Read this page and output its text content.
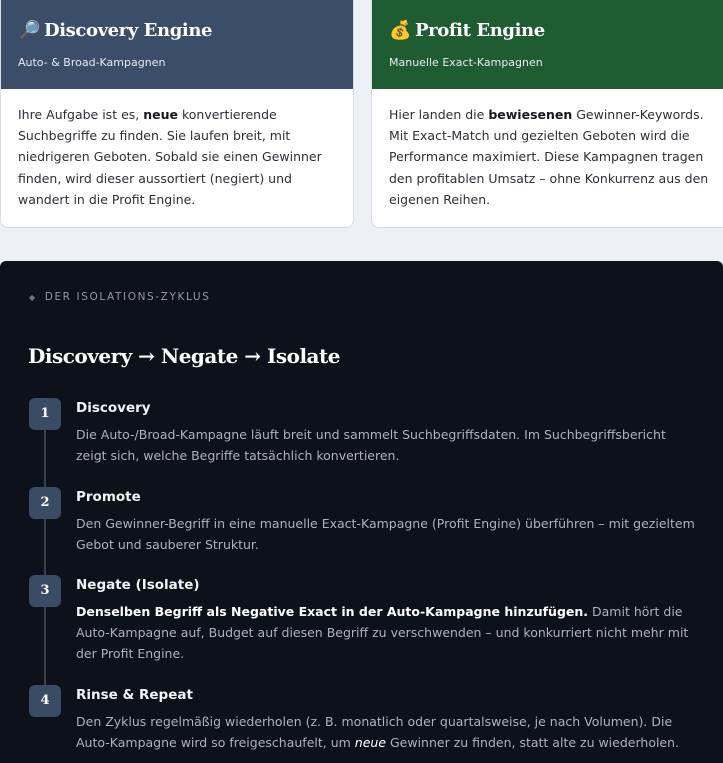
🔎 Discovery Engine
Auto- & Broad-Kampagnen
Ihre Aufgabe ist es, neue konvertierende Suchbegriffe zu finden. Sie laufen breit, mit niedrigeren Geboten. Sobald sie einen Gewinner finden, wird dieser aussortiert (negiert) und wandert in die Profit Engine.
💰 Profit Engine
Manuelle Exact-Kampagnen
Hier landen die bewiesenen Gewinner-Keywords. Mit Exact-Match und gezielten Geboten wird die Performance maximiert. Diese Kampagnen tragen den profitablen Umsatz – ohne Konkurrenz aus den eigenen Reihen.
◆ DER ISOLATIONS-ZYKLUS
Discovery → Negate → Isolate
1	Discovery
Die Auto-/Broad-Kampagne läuft breit und sammelt Suchbegriffsdaten. Im Suchbegriffsbericht zeigt sich, welche Begriffe tatsächlich konvertieren.
2	Promote
Den Gewinner-Begriff in eine manuelle Exact-Kampagne (Profit Engine) überführen – mit gezieltem Gebot und sauberer Struktur.
3	Negate (Isolate)
Denselben Begriff als Negative Exact in der Auto-Kampagne hinzufügen. Damit hört die Auto-Kampagne auf, Budget auf diesen Begriff zu verschwenden – und konkurriert nicht mehr mit der Profit Engine.
4	Rinse & Repeat
Den Zyklus regelmäßig wiederholen (z. B. monatlich oder quartalsweise, je nach Volumen). Die Auto-Kampagne wird so freigeschaufelt, um neue Gewinner zu finden, statt alte zu wiederholen.
